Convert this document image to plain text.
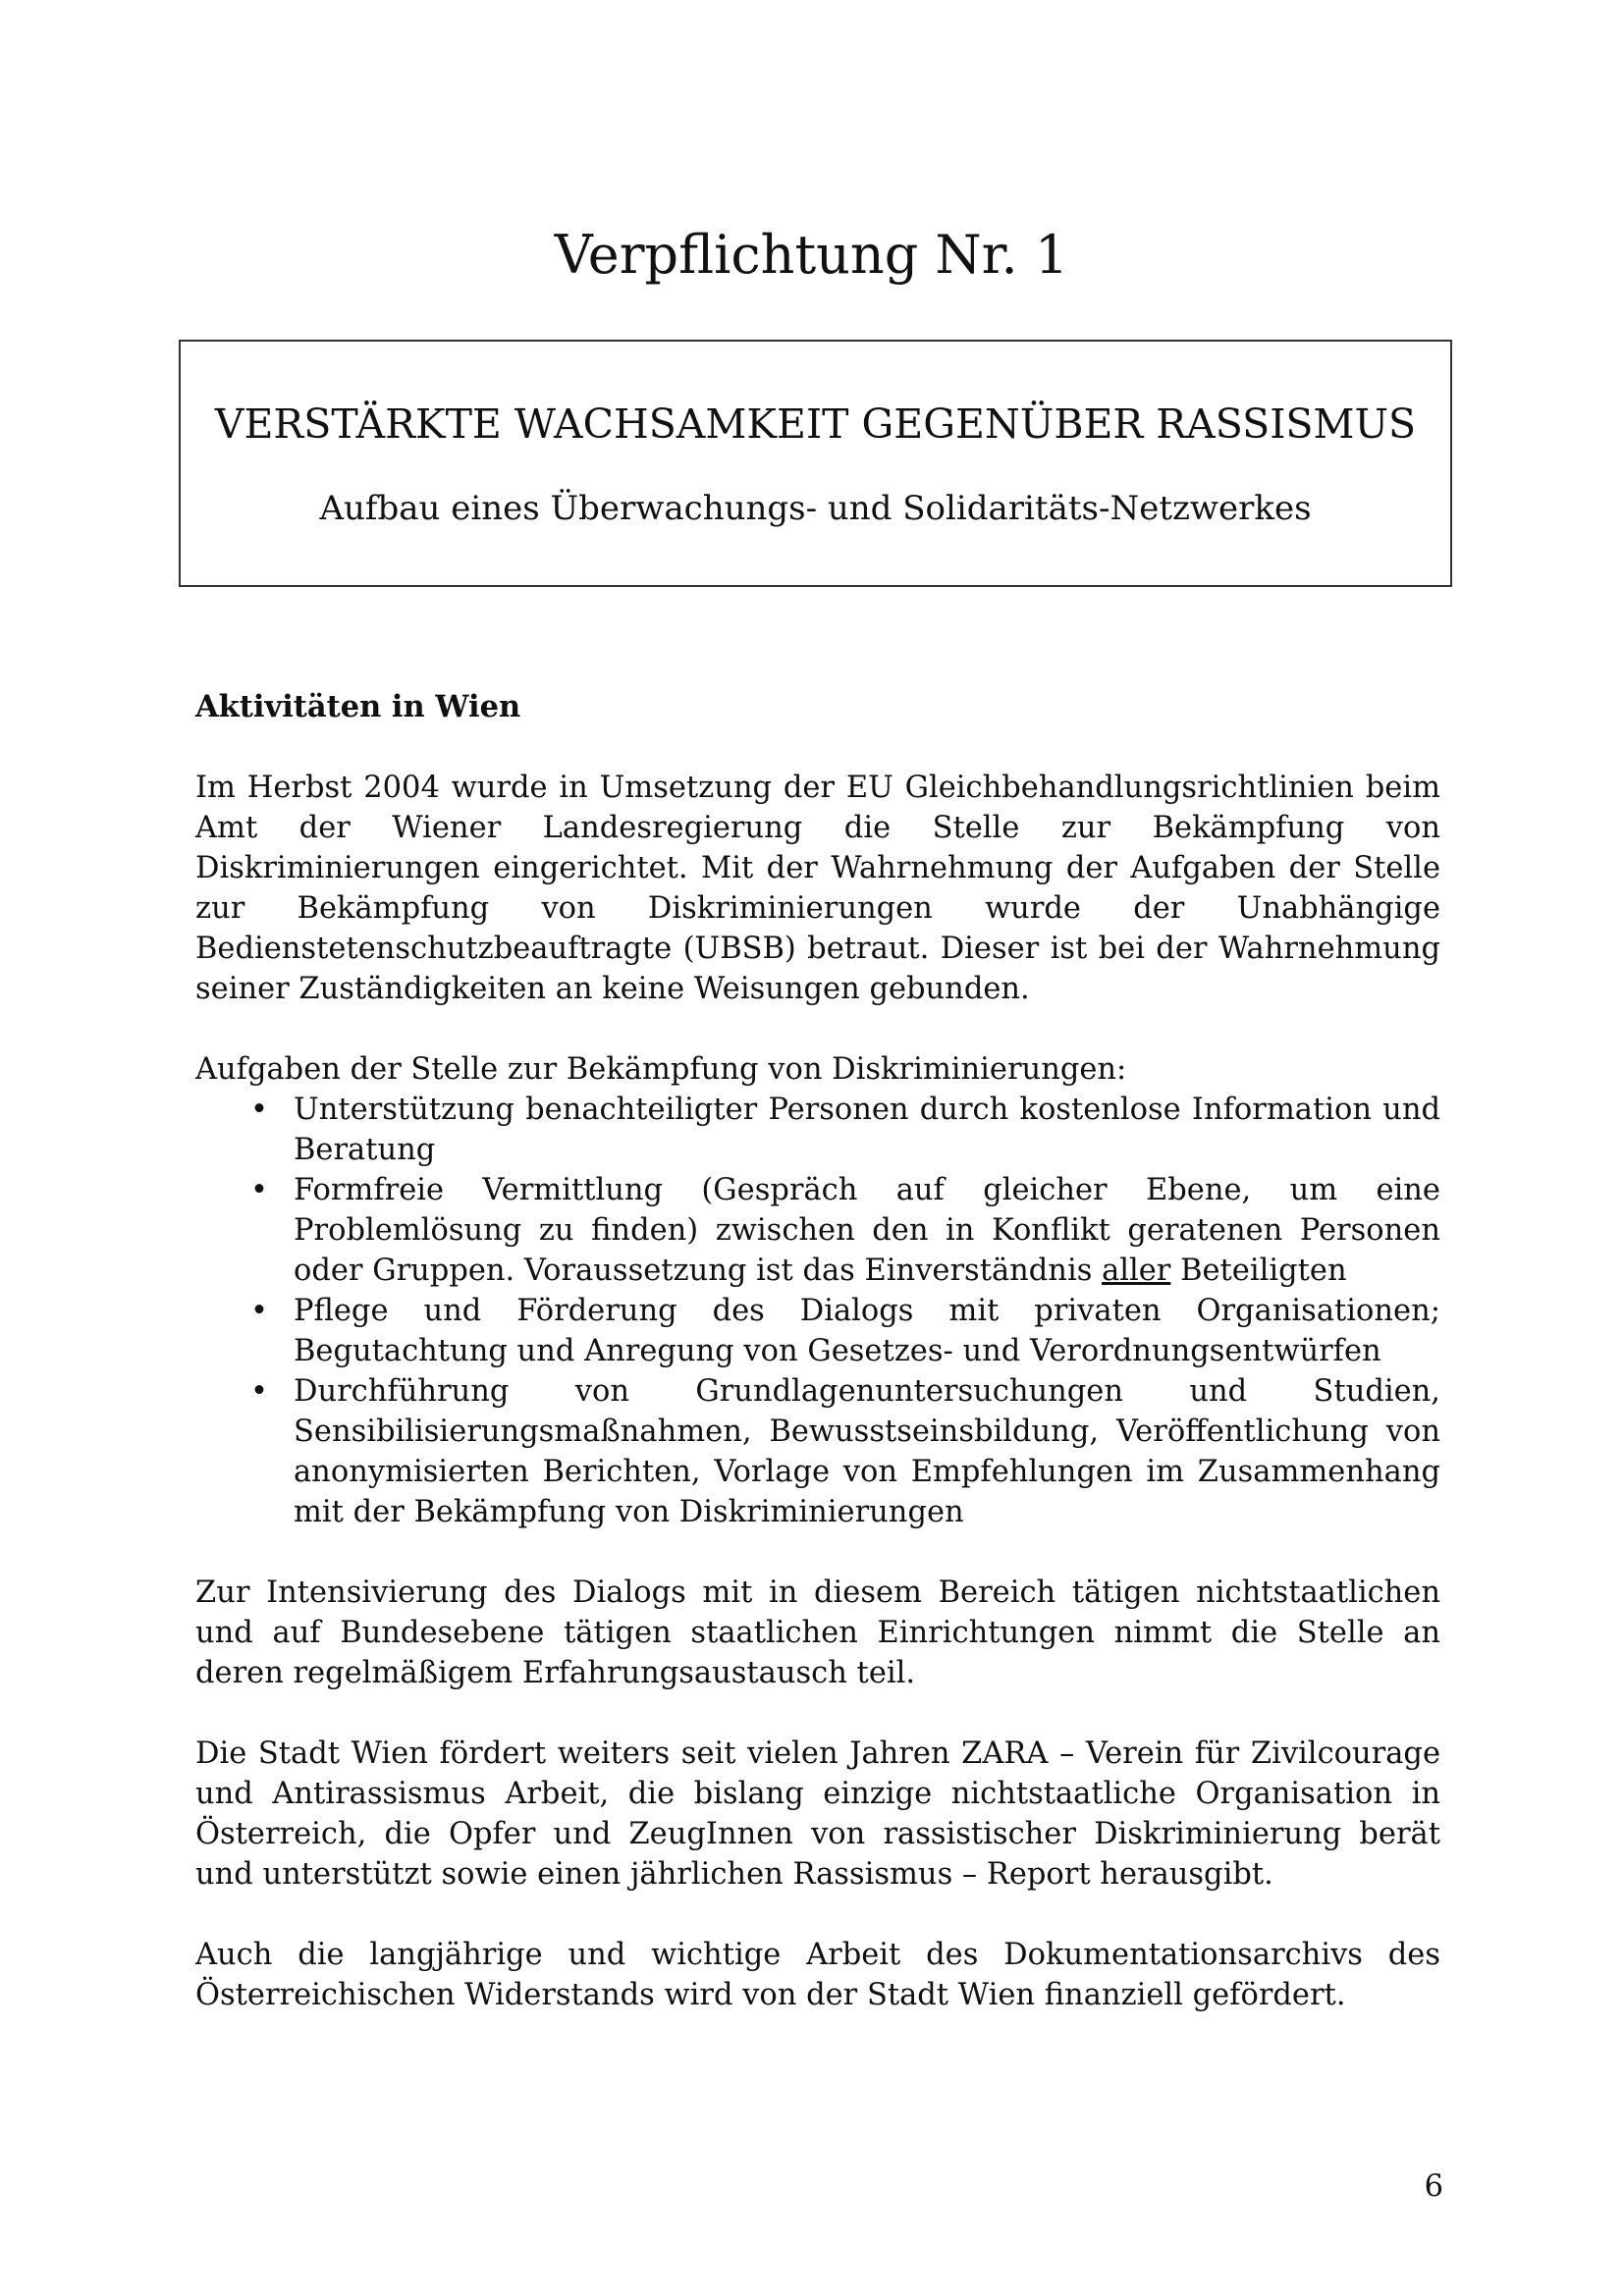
Verpflichtung Nr. 1
VERSTÄRKTE WACHSAMKEIT GEGENÜBER RASSISMUS
Aufbau eines Überwachungs- und Solidaritäts-Netzwerkes

Aktivitäten in Wien

Im Herbst 2004 wurde in Umsetzung der EU Gleichbehandlungsrichtlinien beim Amt der Wiener Landesregierung die Stelle zur Bekämpfung von Diskriminierungen eingerichtet. Mit der Wahrnehmung der Aufgaben der Stelle zur Bekämpfung von Diskriminierungen wurde der Unabhängige Bedienstetenschutzbeauftragte (UBSB) betraut. Dieser ist bei der Wahrnehmung seiner Zuständigkeiten an keine Weisungen gebunden.

Aufgaben der Stelle zur Bekämpfung von Diskriminierungen:

• Unterstützung benachteiligter Personen durch kostenlose Information und Beratung
• Formfreie Vermittlung (Gespräch auf gleicher Ebene, um eine Problemlösung zu finden) zwischen den in Konflikt geratenen Personen oder Gruppen. Voraussetzung ist das Einverständnis aller Beteiligten
• Pflege und Förderung des Dialogs mit privaten Organisationen; Begutachtung und Anregung von Gesetzes- und Verordnungsentwürfen
• Durchführung von Grundlagenuntersuchungen und Studien, Sensibilisierungsmaßnahmen, Bewusstseinsbildung, Veröffentlichung von anonymisierten Berichten, Vorlage von Empfehlungen im Zusammenhang mit der Bekämpfung von Diskriminierungen

Zur Intensivierung des Dialogs mit in diesem Bereich tätigen nichtstaatlichen und auf Bundesebene tätigen staatlichen Einrichtungen nimmt die Stelle an deren regelmäßigem Erfahrungsaustausch teil.

Die Stadt Wien fördert weiters seit vielen Jahren ZARA – Verein für Zivilcourage und Antirassismus Arbeit, die bislang einzige nichtstaatliche Organisation in Österreich, die Opfer und ZeugInnen von rassistischer Diskriminierung berät und unterstützt sowie einen jährlichen Rassismus – Report herausgibt.

Auch die langjährige und wichtige Arbeit des Dokumentationsarchivs des Österreichischen Widerstands wird von der Stadt Wien finanziell gefördert.

6
